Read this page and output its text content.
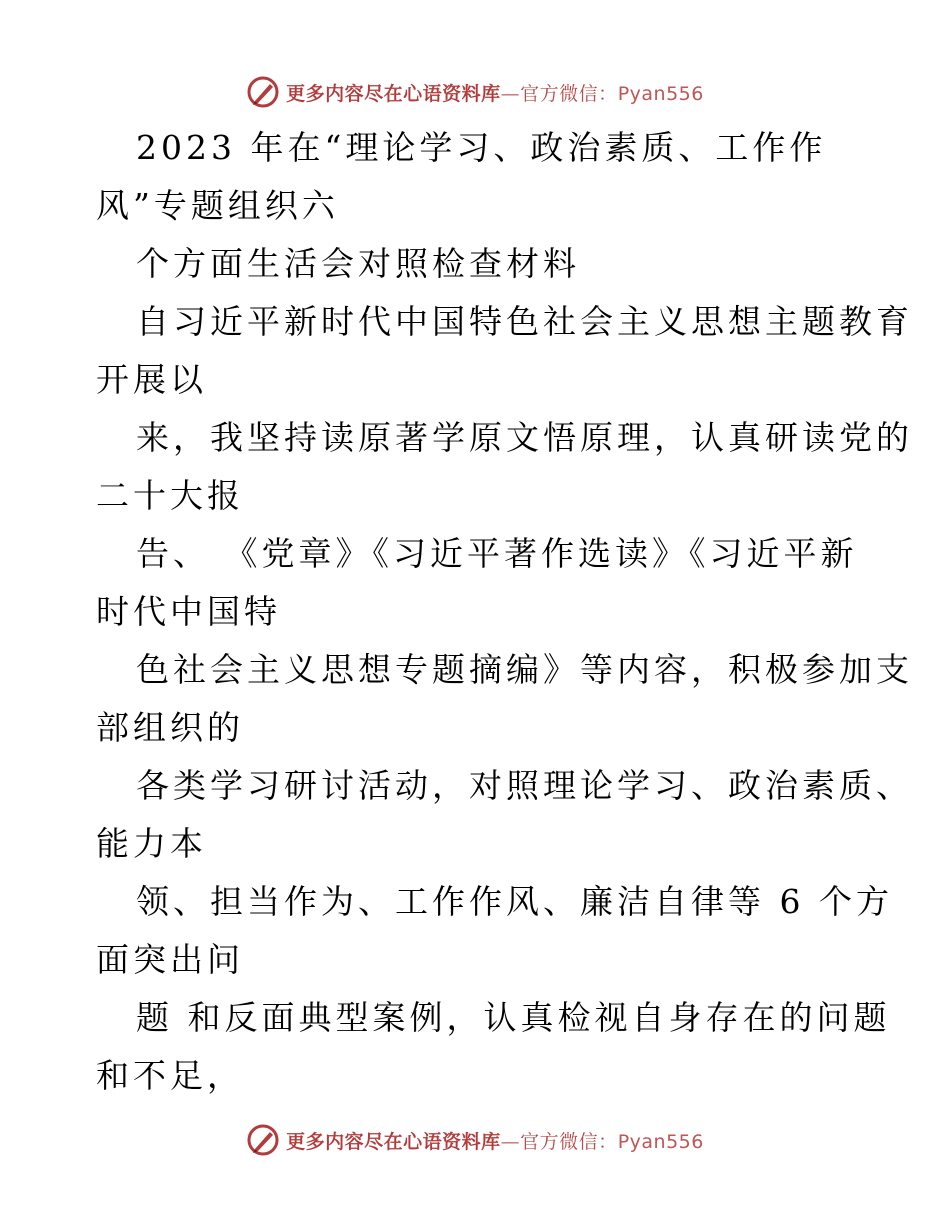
更多内容尽在心语资料库—官方微信：Pyan556
2023 年在“理论学习、政治素质、工作作
风”专题组织六
个方面生活会对照检查材料
自习近平新时代中国特色社会主义思想主题教育
开展以
来，我坚持读原著学原文悟原理，认真研读党的
二十大报
告、 《党章》《习近平著作选读》《习近平新
时代中国特
色社会主义思想专题摘编》等内容，积极参加支
部组织的
各类学习研讨活动，对照理论学习、政治素质、
能力本
领、担当作为、工作作风、廉洁自律等 6 个方
面突出问
题 和反面典型案例，认真检视自身存在的问题
和不足，
更多内容尽在心语资料库—官方微信：Pyan556
